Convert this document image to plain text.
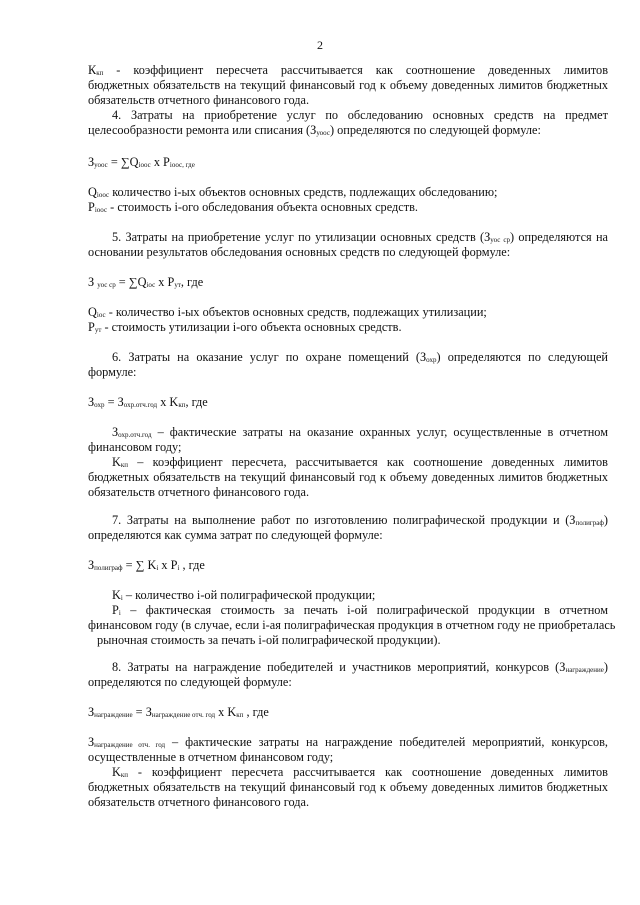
2
$К_{кп}$ - коэффициент пересчета рассчитывается как соотношение доведенных лимитов
бюджетных обязательств на текущий финансовый год к объему доведенных лимитов бюджетных
обязательств отчетного финансового года.
4. Затраты на приобретение услуг по обследованию основных средств на предмет
целесообразности ремонта или списания $(З_{уоос})$ определяются по следующей формуле:
$З_{уоос} = \sum Q_{iоос}$ x $P_{iоос, где}$
$Q_{iоос}$ количество i-ых объектов основных средств, подлежащих обследованию;
$P_{iоос}$ - стоимость i-ого обследования объекта основных средств.
5. Затраты на приобретение услуг по утилизации основных средств $(З_{уос ср})$ определяются на
основании результатов обследования основных средств по следующей формуле:
З $_{уос ср} = \sum Q_{iос}$ x $P_{ут}$, где
$Q_{iос}$ - количество i-ых объектов основных средств, подлежащих утилизации;
$P_{ут}$ - стоимость утилизации i-ого объекта основных средств.
6. Затраты на оказание услуг по охране помещений $(З_{охр})$ определяются по следующей
формуле:
$З_{охр} = З_{охр.отч.год}$ x $K_{кп}$, где
$З_{охр.отч.год}$ – фактические затраты на оказание охранных услуг, осуществленные в отчетном
финансовом году;
$K_{кп}$ – коэффициент пересчета, рассчитывается как соотношение доведенных лимитов
бюджетных обязательств на текущий финансовый год к объему доведенных лимитов бюджетных
обязательств отчетного финансового года.
7. Затраты на выполнение работ по изготовлению полиграфической продукции и $(З_{полиграф})$
определяются как сумма затрат по следующей формуле:
$З_{полиграф}$ = ∑ $K_i$ x $P_i$ , где
$K_i$ – количество i-ой полиграфической продукции;
$P_i$ – фактическая стоимость за печать i-ой полиграфической продукции в отчетном
финансовом году (в случае, если i-ая полиграфическая продукция в отчетном году не приобреталась
рыночная стоимость за печать i-ой полиграфической продукции).
8. Затраты на награждение победителей и участников мероприятий, конкурсов $(З_{награждение})$
определяются по следующей формуле:
$З_{награждение} = З_{награждение отч. год}$ x $K_{кп}$ , где
$З_{награждение отч. год}$ – фактические затраты на награждение победителей мероприятий, конкурсов,
осуществленные в отчетном финансовом году;
$K_{кп}$ - коэффициент пересчета рассчитывается как соотношение доведенных лимитов
бюджетных обязательств на текущий финансовый год к объему доведенных лимитов бюджетных
обязательств отчетного финансового года.
